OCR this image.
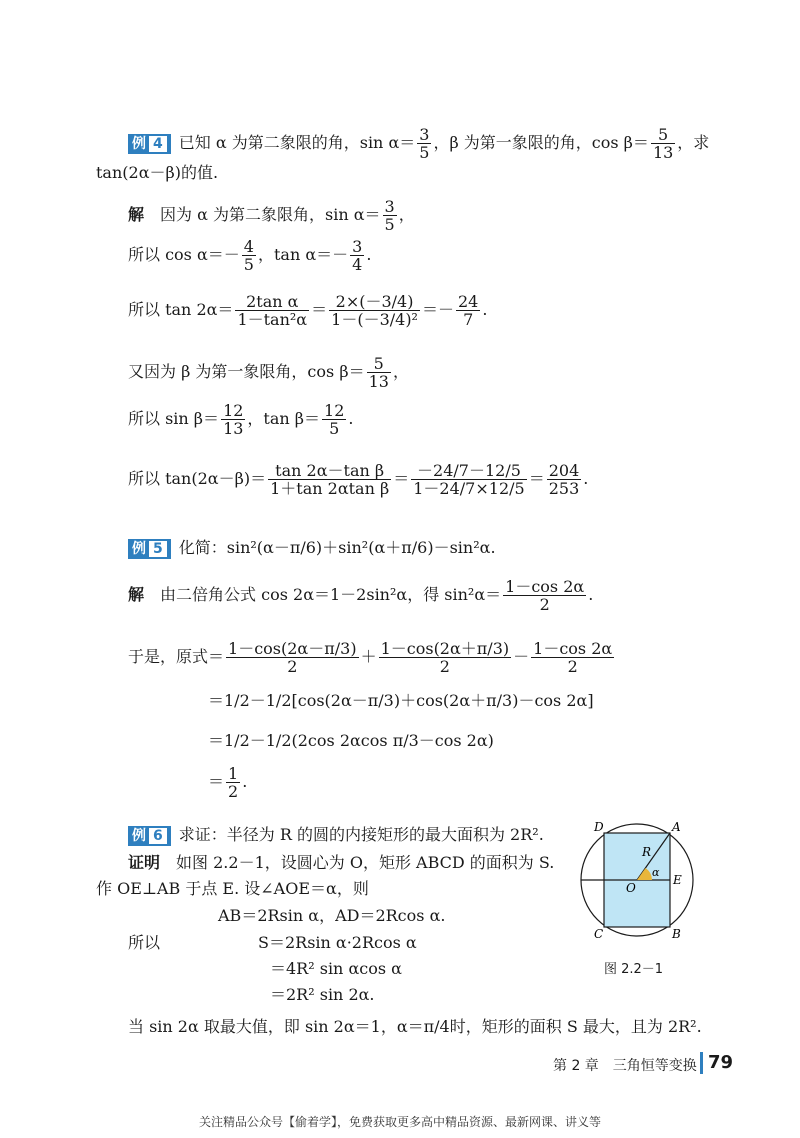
例 4 已知 α 为第二象限的角，$\sin \alpha= \frac{3}{5}$ ，β 为第一象限的角，$\cos \beta= \frac{5}{13}$ ，求
tan(2α－β)的值.
解　 因为 α 为第二象限角，$\sin \alpha= \frac{3}{5}$ ，
所以 $\cos \alpha=- \frac{4}{5}$ ，$\tan \alpha=- \frac{3}{4}$ .
所以 $\tan 2\alpha= \frac{\text{2tan α}}{\text{1－tan²α}} = \frac{2\times(-3/4)}{\text{1－(－3/4)²}} =- \frac{24}{7}$ .
又因为 β 为第一象限角，$\cos \beta= \frac{5}{13}$ ，
所以 $\sin \beta= \frac{12}{13}$ ，$\tan \beta= \frac{12}{5}$ .
所以 $\tan(2\alpha-\beta)= \frac{\text{tan 2α－tan β}}{\text{1＋tan 2αtan β}} = \frac{-24/7-12/5}{1-24/7\times 12/5} = \frac{204}{253}$ .
例 5 化简：sin²(α－π/6)＋sin²(α＋π/6)－sin²α.
解　 由二倍角公式 cos 2α＝1－2sin²α，得 $\sin^2\alpha= \frac{1-\cos 2\alpha}{2}$ .
于是，原式＝ $\frac{1-\cos(2\alpha-\pi/3)}{2} + \frac{1-\cos(2\alpha+\pi/3)}{2} - \frac{1-\cos 2\alpha}{2}$
＝1/2－1/2[cos(2α－π/3)＋cos(2α＋π/3)－cos 2α]
＝1/2－1/2(2cos 2αcos π/3－cos 2α)
＝ $\frac{1}{2}$ .
例 6 求证：半径为 R 的圆的内接矩形的最大面积为 2R².
证明　 如图 2.2－1，设圆心为 O，矩形 ABCD 的面积为 S.
作 OE⊥AB 于点 E. 设∠AOE＝α，则
AB＝2Rsin α，AD＝2Rcos α.
所以	S＝2Rsin α·2Rcos α
＝4R² sin αcos α
＝2R² sin 2α.
当 sin 2α 取最大值，即 sin 2α＝1，α＝π/4时，矩形的面积 S 最大，且为 2R².
A
D
C	B
E
O
R
α
图 2.2－1
第 2 章　三角恒等变换 79
关注精品公众号【偷着学】，免费获取更多高中精品资源、最新网课、讲义等
